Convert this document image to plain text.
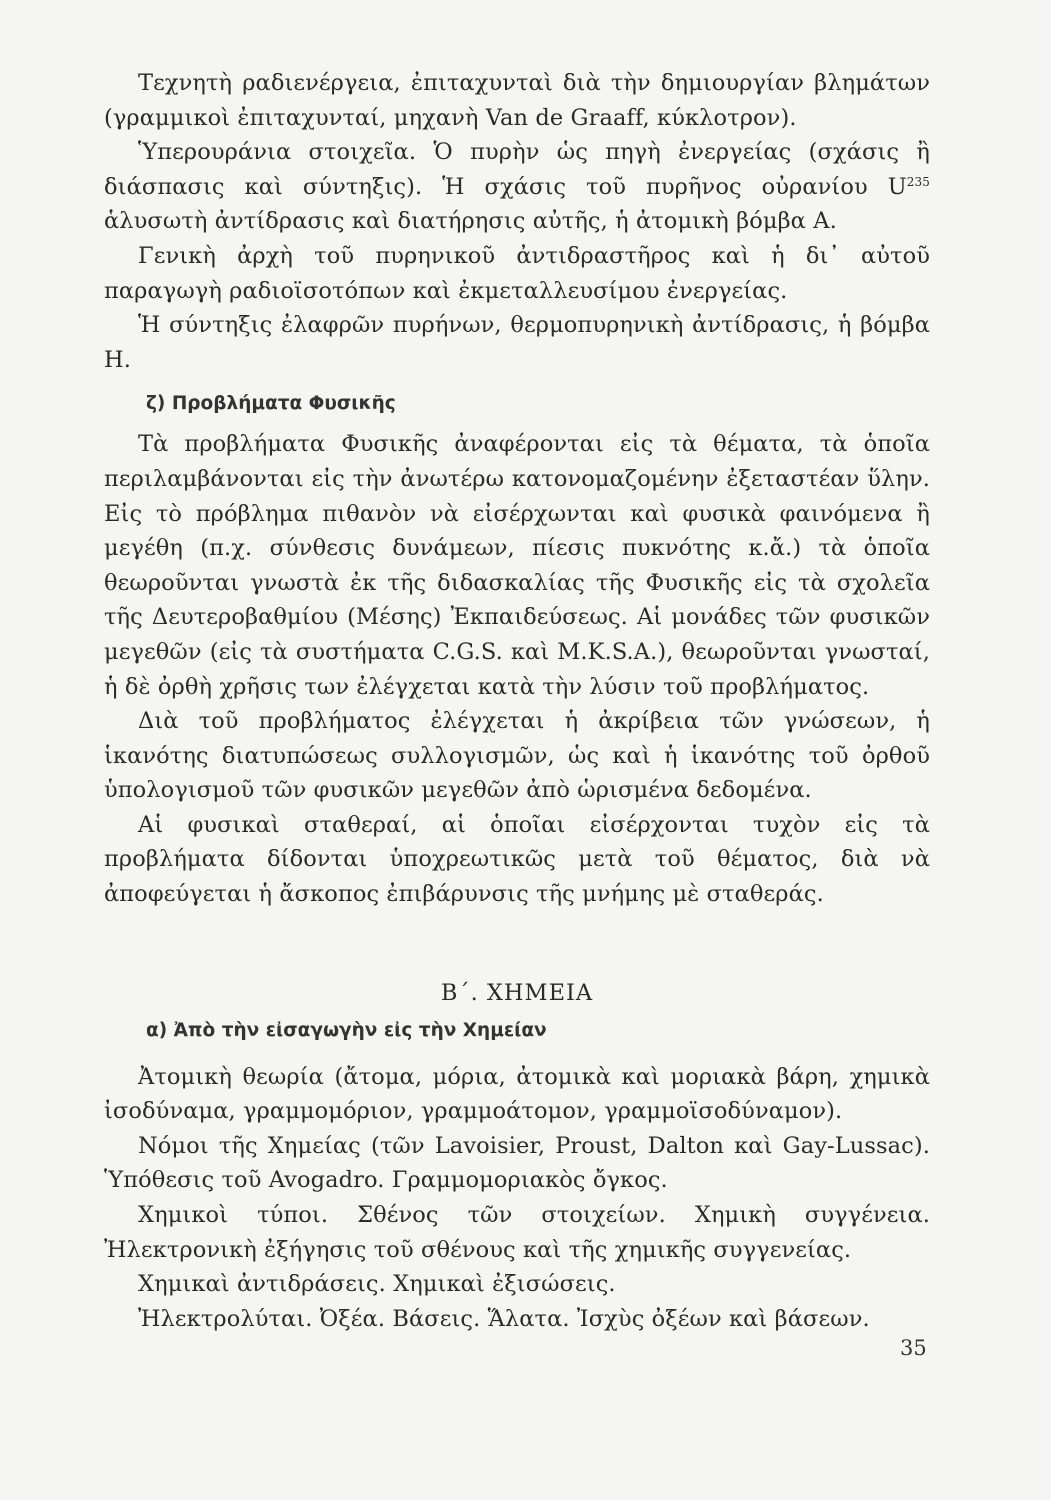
Τεχνητὴ ραδιενέργεια, ἐπιταχυνταὶ διὰ τὴν δημιουργίαν βλημάτων (γραμμικοὶ ἐπιταχυνταί, μηχανὴ Van de Graaff, κύκλοτρον).

Ὑπερουράνια στοιχεῖα. Ὁ πυρὴν ὡς πηγὴ ἐνεργείας (σχάσις ἢ διάσπασις καὶ σύντηξις). Ἡ σχάσις τοῦ πυρῆνος οὐρανίου $U^{235}$ ἁλυσωτὴ ἀντίδρασις καὶ διατήρησις αὐτῆς, ἡ ἀτομικὴ βόμβα Α.

Γενικὴ ἀρχὴ τοῦ πυρηνικοῦ ἀντιδραστῆρος καὶ ἡ δι᾿ αὐτοῦ παραγωγὴ ραδιοϊσοτόπων καὶ ἐκμεταλλευσίμου ἐνεργείας.

Ἡ σύντηξις ἐλαφρῶν πυρήνων, θερμοπυρηνικὴ ἀντίδρασις, ἡ βόμβα Η.

ζ) Προβλήματα Φυσικῆς

Τὰ προβλήματα Φυσικῆς ἀναφέρονται εἰς τὰ θέματα, τὰ ὁποῖα περιλαμβάνονται εἰς τὴν ἀνωτέρω κατονομαζομένην ἐξεταστέαν ὕλην. Εἰς τὸ πρόβλημα πιθανὸν νὰ εἰσέρχωνται καὶ φυσικὰ φαινόμενα ἢ μεγέθη (π.χ. σύνθεσις δυνάμεων, πίεσις πυκνότης κ.ἄ.) τὰ ὁποῖα θεωροῦνται γνωστὰ ἐκ τῆς διδασκαλίας τῆς Φυσικῆς εἰς τὰ σχολεῖα τῆς Δευτεροβαθμίου (Μέσης) Ἐκπαιδεύσεως. Αἱ μονάδες τῶν φυσικῶν μεγεθῶν (εἰς τὰ συστήματα C.G.S. καὶ M.K.S.A.), θεωροῦνται γνωσταί, ἡ δὲ ὀρθὴ χρῆσις των ἐλέγχεται κατὰ τὴν λύσιν τοῦ προβλήματος.

Διὰ τοῦ προβλήματος ἐλέγχεται ἡ ἀκρίβεια τῶν γνώσεων, ἡ ἱκανότης διατυπώσεως συλλογισμῶν, ὡς καὶ ἡ ἱκανότης τοῦ ὀρθοῦ ὑπολογισμοῦ τῶν φυσικῶν μεγεθῶν ἀπὸ ὡρισμένα δεδομένα.

Αἱ φυσικαὶ σταθεραί, αἱ ὁποῖαι εἰσέρχονται τυχὸν εἰς τὰ προβλήματα δίδονται ὑποχρεωτικῶς μετὰ τοῦ θέματος, διὰ νὰ ἀποφεύγεται ἡ ἄσκοπος ἐπιβάρυνσις τῆς μνήμης μὲ σταθεράς.

Β΄. ΧΗΜΕΙΑ
α) Ἀπὸ τὴν εἰσαγωγὴν εἰς τὴν Χημείαν

Ἀτομικὴ θεωρία (ἄτομα, μόρια, ἀτομικὰ καὶ μοριακὰ βάρη, χημικὰ ἰσοδύναμα, γραμμομόριον, γραμμοάτομον, γραμμοϊσοδύναμον).

Νόμοι τῆς Χημείας (τῶν Lavoisier, Proust, Dalton καὶ Gay-Lussac). Ὑπόθεσις τοῦ Avogadro. Γραμμομοριακὸς ὄγκος.

Χημικοὶ τύποι. Σθένος τῶν στοιχείων. Χημικὴ συγγένεια. Ἠλεκτρονικὴ ἐξήγησις τοῦ σθένους καὶ τῆς χημικῆς συγγενείας.

Χημικαὶ ἀντιδράσεις. Χημικαὶ ἐξισώσεις.

Ἠλεκτρολύται. Ὀξέα. Βάσεις. Ἅλατα. Ἰσχὺς ὀξέων καὶ βάσεων.

35
